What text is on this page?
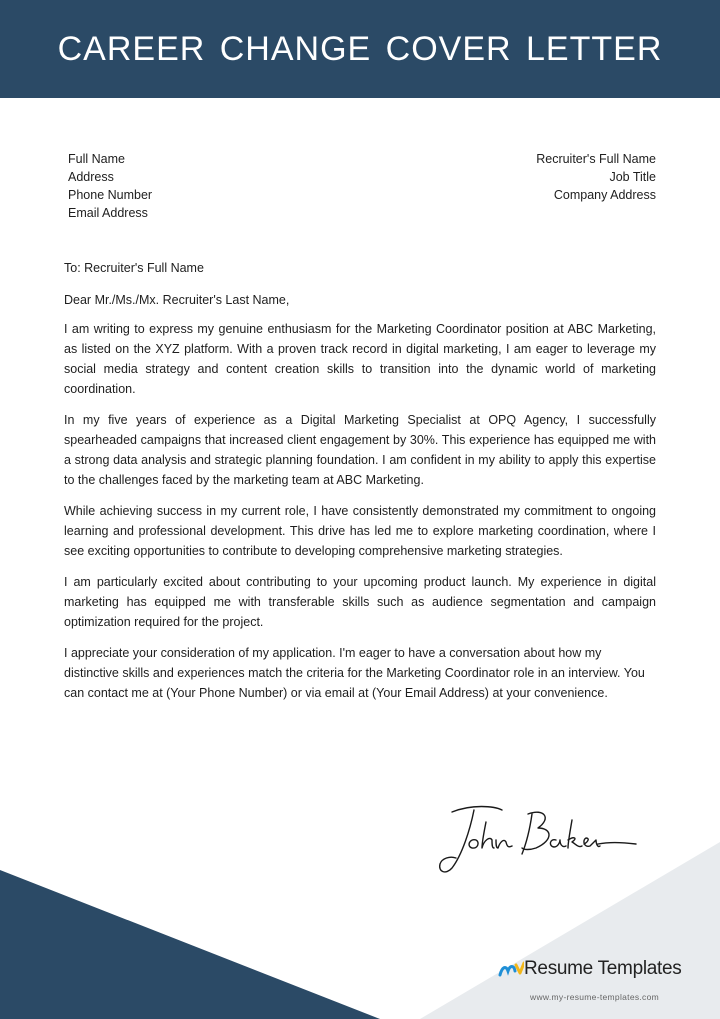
CAREER CHANGE COVER LETTER
Full Name
Address
Phone Number
Email Address
Recruiter's Full Name
Job Title
Company Address

To: Recruiter's Full Name

Dear Mr./Ms./Mx. Recruiter's Last Name,

I am writing to express my genuine enthusiasm for the Marketing Coordinator position at ABC Marketing, as listed on the XYZ platform. With a proven track record in digital marketing, I am eager to leverage my social media strategy and content creation skills to transition into the dynamic world of marketing coordination.

In my five years of experience as a Digital Marketing Specialist at OPQ Agency, I successfully spearheaded campaigns that increased client engagement by 30%. This experience has equipped me with a strong data analysis and strategic planning foundation. I am confident in my ability to apply this expertise to the challenges faced by the marketing team at ABC Marketing.

While achieving success in my current role, I have consistently demonstrated my commitment to ongoing learning and professional development. This drive has led me to explore marketing coordination, where I see exciting opportunities to contribute to developing comprehensive marketing strategies.

I am particularly excited about contributing to your upcoming product launch. My experience in digital marketing has equipped me with transferable skills such as audience segmentation and campaign optimization required for the project.

I appreciate your consideration of my application. I'm eager to have a conversation about how my distinctive skills and experiences match the criteria for the Marketing Coordinator role in an interview. You can contact me at (Your Phone Number) or via email at (Your Email Address) at your convenience.

Resume Templates
www.my-resume-templates.com
